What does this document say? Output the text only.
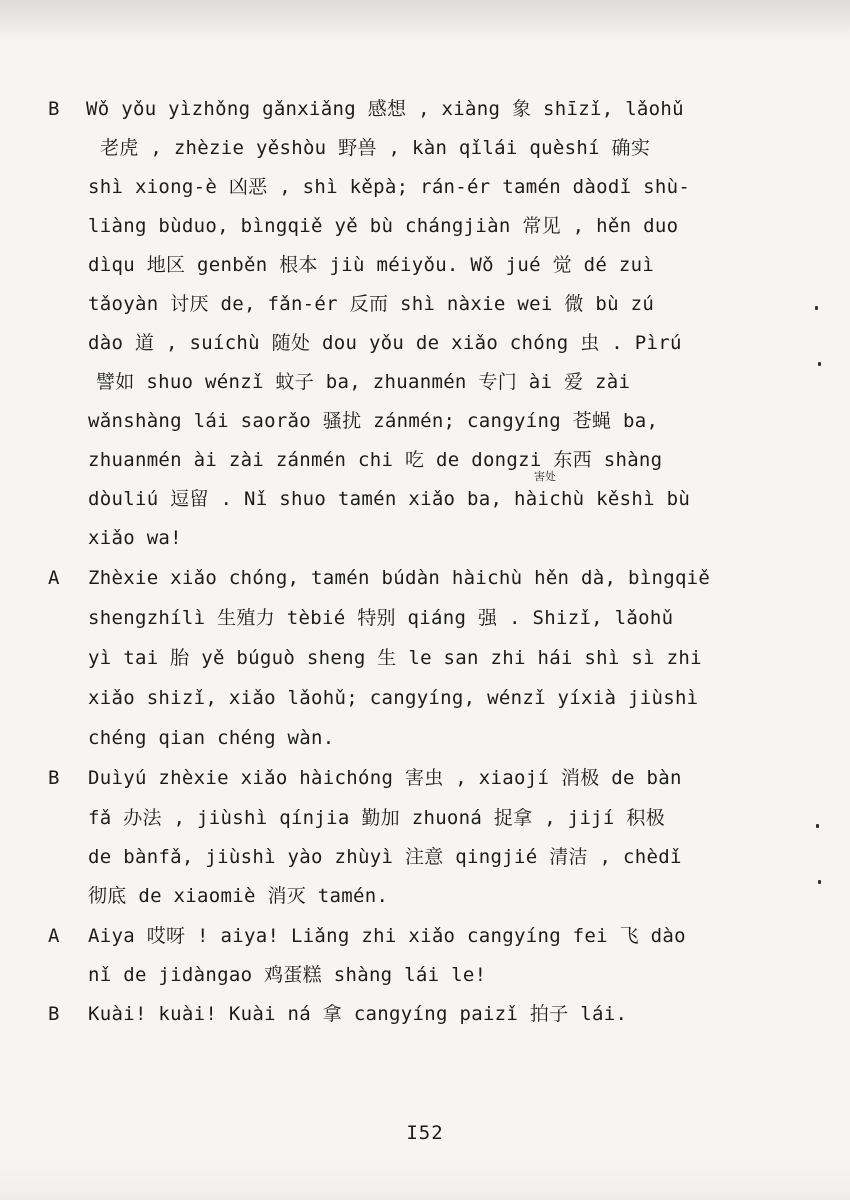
B Wǒ yǒu yìzhǒng gǎnxiǎng 感想 , xiàng 象 shīzǐ, lǎohǔ
老虎 , zhèzie yěshòu 野兽 , kàn qǐlái quèshí 确实
shì xiong-è 凶恶 , shì kěpà; rán-ér tamén dàodǐ shù-
liàng bùduo, bìngqiě yě bù chángjiàn 常见 , hěn duo
dìqu 地区 genběn 根本 jiù méiyǒu. Wǒ jué 觉 dé zuì
tǎoyàn 讨厌 de, fǎn-ér 反而 shì nàxie wei 微 bù zú
dào 道 , suíchù 随处 dou yǒu de xiǎo chóng 虫 . Pìrú
譬如 shuo wénzǐ 蚊子 ba, zhuanmén 专门 ài 爱 zài
wǎnshàng lái saorǎo 骚扰 zánmén; cangyíng 苍蝇 ba,
zhuanmén ài zài zánmén chi 吃 de dongzi 东西 shàng
害处
dòuliú 逗留 . Nǐ shuo tamén xiǎo ba, hàichù kěshì bù
xiǎo wa!
A Zhèxie xiǎo chóng, tamén búdàn hàichù hěn dà, bìngqiě
shengzhílì 生殖力 tèbié 特别 qiáng 强 . Shizǐ, lǎohǔ
yì tai 胎 yě búguò sheng 生 le san zhi hái shì sì zhi
xiǎo shizǐ, xiǎo lǎohǔ; cangyíng, wénzǐ yíxià jiùshì
chéng qian chéng wàn.
B Duìyú zhèxie xiǎo hàichóng 害虫 , xiaojí 消极 de bàn
fǎ 办法 , jiùshì qínjia 勤加 zhuoná 捉拿 , jijí 积极
de bànfǎ, jiùshì yào zhùyì 注意 qingjié 清洁 , chèdǐ
彻底 de xiaomiè 消灭 tamén.
A Aiya 哎呀 ! aiya! Liǎng zhi xiǎo cangyíng fei 飞 dào
nǐ de jidàngao 鸡蛋糕 shàng lái le!
B Kuài! kuài! Kuài ná 拿 cangyíng paizǐ 拍子 lái.
I52
